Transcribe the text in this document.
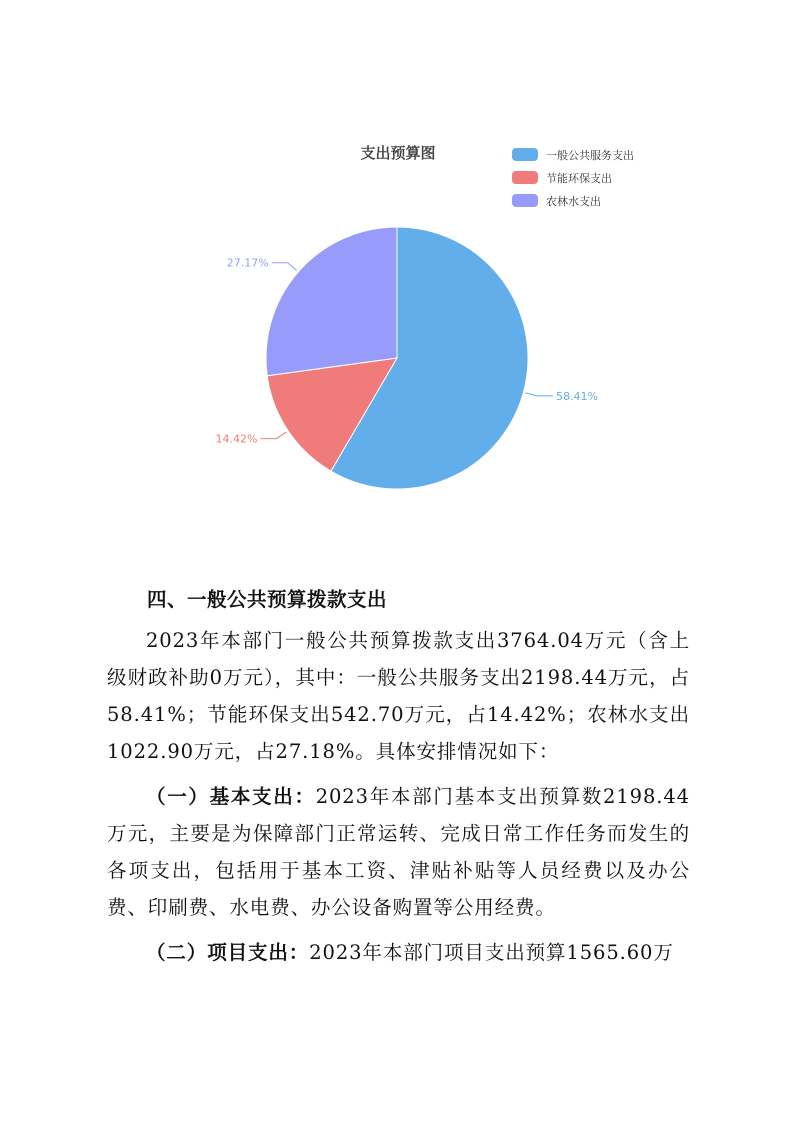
支出预算图	一般公共服务支出
节能环保支出
农林水支出
58.41%
14.42%
27.17%
四、一般公共预算拨款支出

2023年本部门一般公共预算拨款支出3764.04万元（含上级财政补助0万元），其中：一般公共服务支出2198.44万元，占58.41%；节能环保支出542.70万元，占14.42%；农林水支出1022.90万元，占27.18%。具体安排情况如下：

（一）基本支出：2023年本部门基本支出预算数2198.44万元，主要是为保障部门正常运转、完成日常工作任务而发生的各项支出，包括用于基本工资、津贴补贴等人员经费以及办公费、印刷费、水电费、办公设备购置等公用经费。

（二）项目支出：2023年本部门项目支出预算1565.60万
